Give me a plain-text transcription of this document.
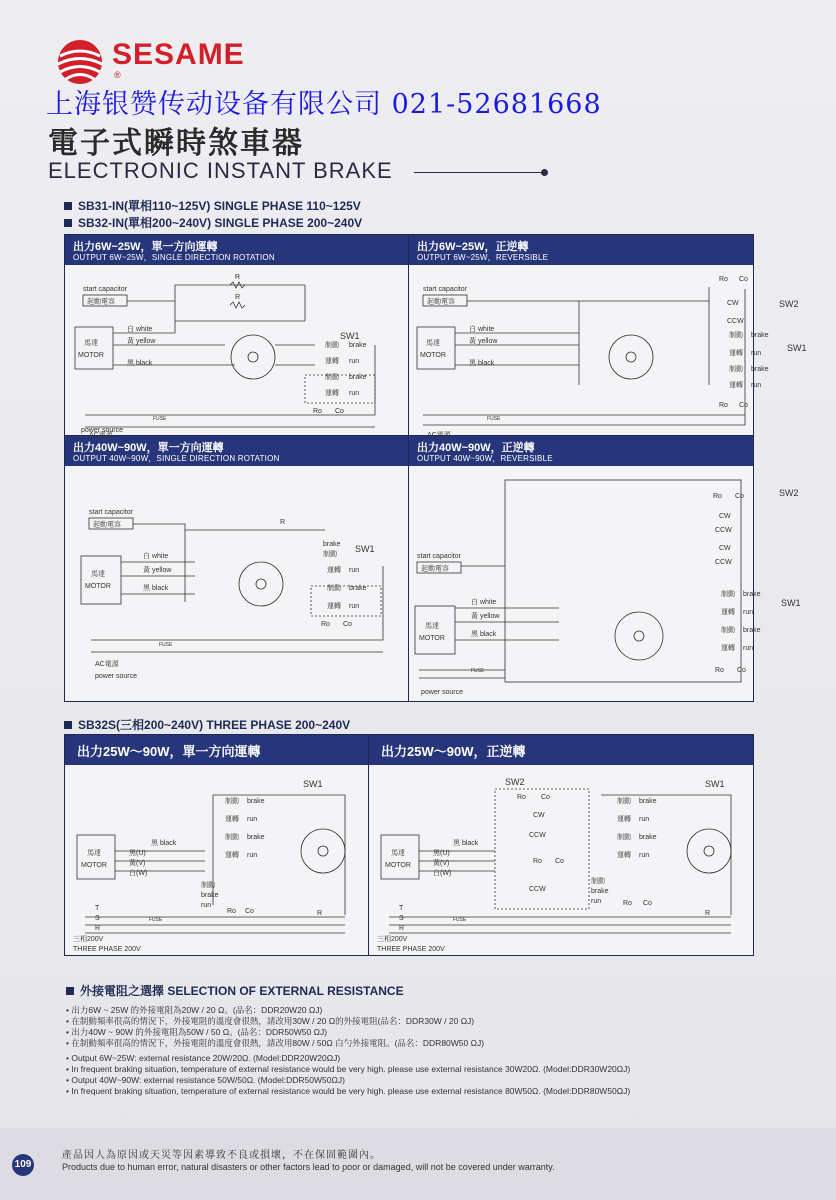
SESAME
®
上海银赞传动设备有限公司 021-52681668
電子式瞬時煞車器
ELECTRONIC INSTANT BRAKE
SB31-IN(單相110~125V) SINGLE PHASE 110~125V
SB32-IN(單相200~240V) SINGLE PHASE 200~240V
出力6W~25W，單一方向運轉
OUTPUT 6W~25W，SINGLE DIRECTION ROTATION
出力6W~25W，正逆轉
OUTPUT 6W~25W，REVERSIBLE
出力40W~90W，單一方向運轉
OUTPUT 40W~90W，SINGLE DIRECTION ROTATION
出力40W~90W，正逆轉
OUTPUT 40W~90W，REVERSIBLE
start capacitor
起動電容
馬達
MOTOR
白 white
黃 yellow
黑 black
R
R
SW1
制動 brake
運轉 run
制動 brake
運轉 run
Ro Co
AC電源
FUSE
power source
start capacitor
起動電容
馬達
MOTOR
白 white
黃 yellow
黑 black
Ro Co
CW
CCW
SW2
SW1
制動 brake
運轉 run
制動 brake
運轉 run
Ro Co
AC電源
FUSE
start capacitor
起動電容
馬達
MOTOR
白 white
黃 yellow
黑 black
R
SW1
brake
制動
運轉 run
制動 brake
運轉 run
Ro Co
AC電源
power source
FUSE
SW2
SW1
Ro Co
CW
CCW
CW
CCW
start capacitor
起動電容
馬達
MOTOR
白 white
黃 yellow
黑 black
制動 brake
運轉 run
制動 brake
運轉 run
Ro Co
power source
FUSE
SB32S(三相200~240V) THREE PHASE 200~240V
出力25W～90W，單一方向運轉	出力25W～90W，正逆轉
SW1
制動 brake
運轉 run
制動 brake
運轉 run
馬達
MOTOR
黑 black
黑(U)
黃(V)
白(W)
制動
brake
run
Ro Co	R
T
S
R
FUSE
三相200V
THREE PHASE 200V
SW1
SW2
Ro Co
CW
CCW
Ro Co
CCW
制動 brake
運轉 run
制動 brake
運轉 run
馬達
MOTOR
黑 black
黑(U)
黃(V)
白(W)
制動
brake
run	Ro Co
R
T
S
R
FUSE
三相200V
THREE PHASE 200V
外接電阻之選擇 SELECTION OF EXTERNAL RESISTANCE
• 出力6W ~ 25W 的外接電阻為20W / 20 Ω。(品名：DDR20W20 ΩJ)
• 在制動頻率很高的情況下，外接電阻的溫度會很熱，請改用30W / 20 Ω的外接電阻(品名：DDR30W / 20 ΩJ)
• 出力40W ~ 90W 的外接電阻為50W / 50 Ω。(品名：DDR50W50 ΩJ)
• 在制動頻率很高的情況下，外接電阻的溫度會很熱，請改用80W / 50Ω 白勺外接電阻。(品名：DDR80W50 ΩJ)
• Output 6W~25W: external resistance 20W/20Ω. (Model:DDR20W20ΩJ)
• In frequent braking situation, temperature of external resistance would be very high. please use external resistance 30W20Ω. (Model:DDR30W20ΩJ)
• Output 40W~90W: external resistance 50W/50Ω. (Model:DDR50W50ΩJ)
• In frequent braking situation, temperature of external resistance would be very high. please use external resistance 80W50Ω. (Model:DDR80W50ΩJ)
109
產品因人為原因或天災等因素導致不良或損壞，不在保固範圍內。
Products due to human error, natural disasters or other factors lead to poor or damaged, will not be covered under warranty.
